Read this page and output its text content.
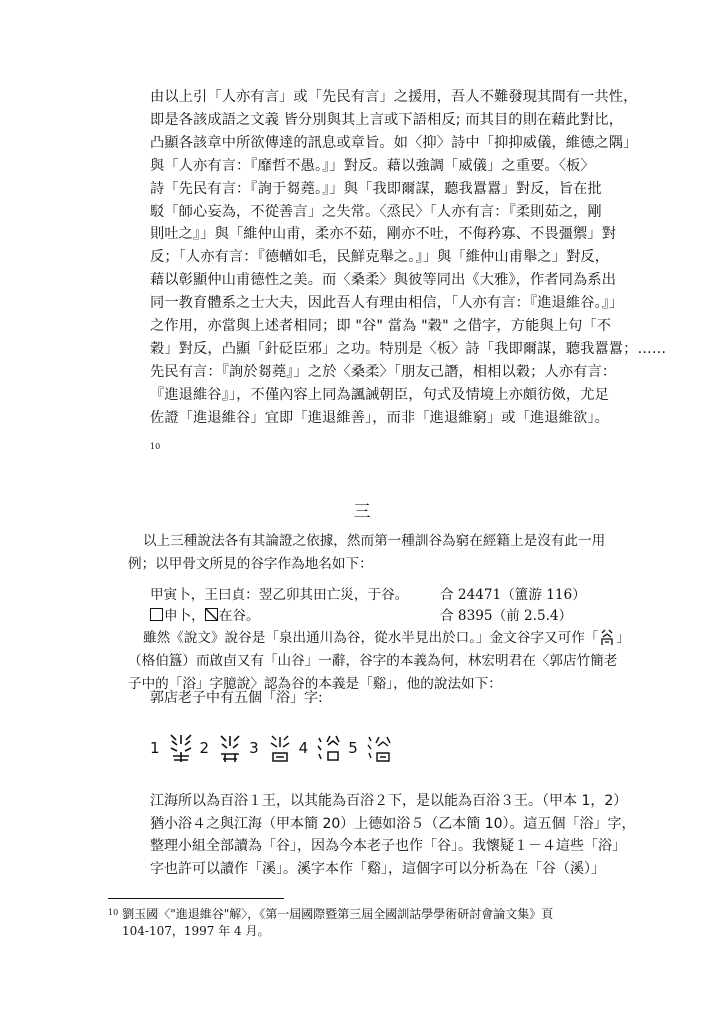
由以上引「人亦有言」或「先民有言」之援用，吾人不難發現其間有一共性，
即是各該成語之文義 皆分別與其上言或下語相反; 而其目的則在藉此對比，
凸顯各該章中所欲傳達的訊息或章旨。如〈抑〉詩中「抑抑威儀，維德之隅」
與「人亦有言：『靡哲不愚。』」對反。藉以強調「威儀」之重要。〈板〉
詩「先民有言：『詢于芻蕘。』」與「我即爾謀，聽我囂囂」對反，旨在批
駁「師心妄為，不從善言」之失常。〈烝民〉「人亦有言：『柔則茹之，剛
則吐之』」與「維仲山甫，柔亦不茹，剛亦不吐，不侮矜寡、不畏彊禦」對
反；「人亦有言：『德輶如毛，民鮮克舉之。』」與「維仲山甫舉之」對反，
藉以彰顯仲山甫德性之美。而〈桑柔〉與彼等同出《大雅》，作者同為系出
同一教育體系之士大夫，因此吾人有理由相信，「人亦有言：『進退維谷。』」
之作用，亦當與上述者相同；即 "谷" 當為 "穀" 之借字，方能與上句「不
穀」對反，凸顯「針砭臣邪」之功。特別是〈板〉詩「我即爾謀，聽我囂囂；……
先民有言：『詢於芻蕘』」之於〈桑柔〉「朋友己譖，相相以穀；人亦有言：
『進退維谷』」，不僅內容上同為諷誡朝臣，句式及情境上亦頗彷傚，尤足
佐證「進退維谷」宜即「進退維善」，而非「進退維窮」或「進退維欲」。
10
三
以上三種說法各有其論證之依據，然而第一種訓谷為窮在經籍上是沒有此一用
例；以甲骨文所見的谷字作為地名如下：
甲寅卜，王曰貞：翌乙卯其田亡災，于谷。 合 24471（簠游 116）
申卜， 在谷。	合 8395（前 2.5.4）
雖然《說文》說谷是「泉出通川為谷，從水半見出於口。」金文谷字又可作「 」
（格伯簋）而啟卣又有「山谷」一辭，谷字的本義為何，林宏明君在〈郭店竹簡老
子中的「浴」字臆說〉認為谷的本義是「谿」，他的說法如下：
郭店老子中有五個「浴」字:
1	2	3	4	5
江海所以為百浴１王，以其能為百浴２下，是以能為百浴３王。（甲本 1，2）
猶小浴４之與江海（甲本簡 20）上德如浴５（乙本簡 10）。這五個「浴」字，
整理小組全部讀為「谷」，因為今本老子也作「谷」。我懷疑１－４這些「浴」
字也許可以讀作「溪」。溪字本作「谿」，這個字可以分析為在「谷（溪）」
$^{10}$ 劉玉國〈"進退維谷"解〉，《第一屆國際暨第三屆全國訓詁學學術研討會論文集》頁
104-107，1997 年 4 月。
